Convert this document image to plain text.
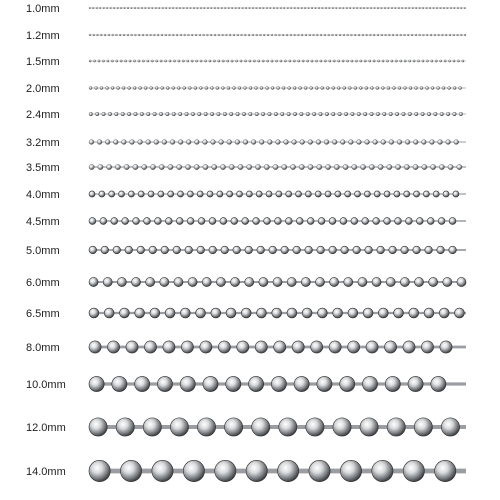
1.0mm
1.2mm
1.5mm
2.0mm
2.4mm
3.2mm
3.5mm
4.0mm
4.5mm
5.0mm
6.0mm
6.5mm
8.0mm
10.0mm
12.0mm
14.0mm
